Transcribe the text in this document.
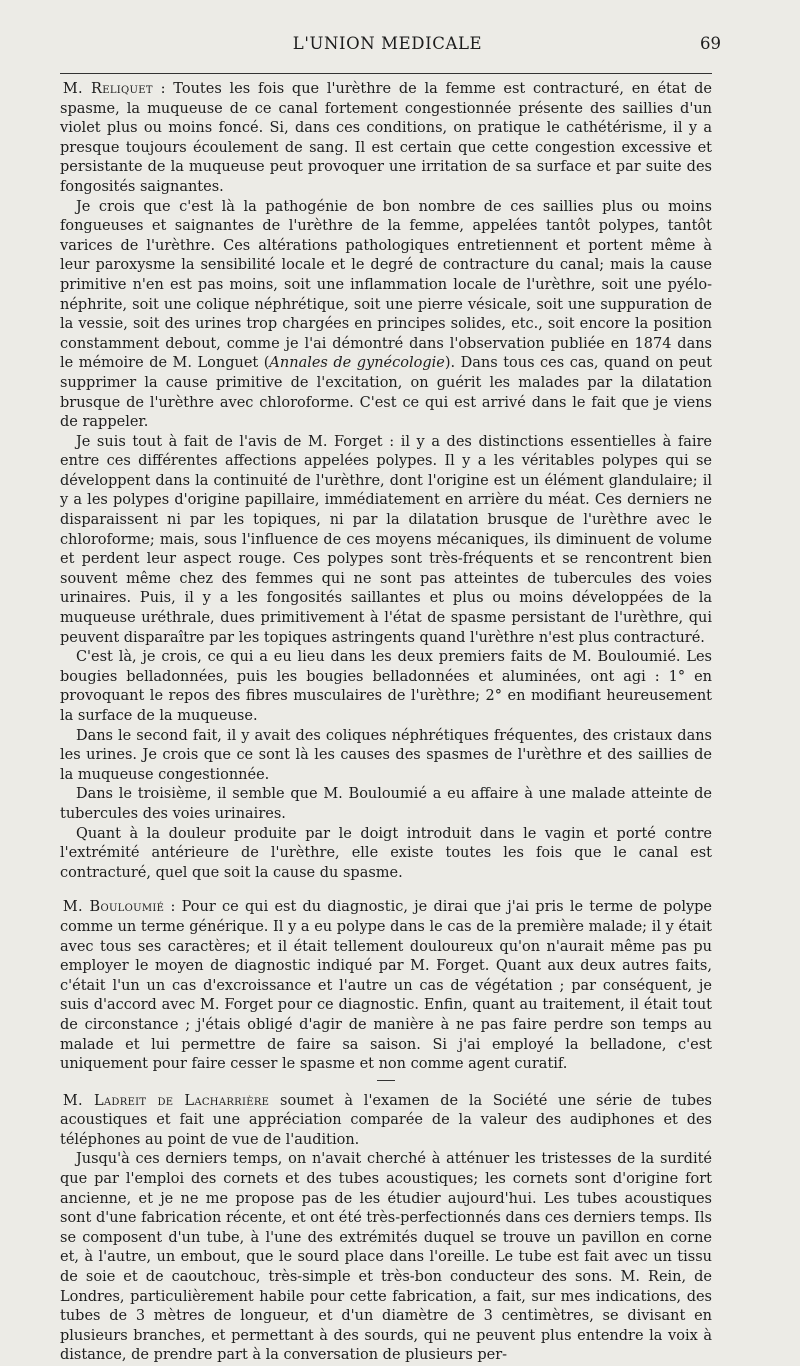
L'UNION MEDICALE	69

M. Reliquet : Toutes les fois que l'urèthre de la femme est contracturé, en état de spasme, la muqueuse de ce canal fortement congestionnée présente des saillies d'un violet plus ou moins foncé. Si, dans ces conditions, on pratique le cathétérisme, il y a presque toujours écoulement de sang. Il est certain que cette congestion excessive et persistante de la muqueuse peut provoquer une irritation de sa surface et par suite des fongosités saignantes.

Je crois que c'est là la pathogénie de bon nombre de ces saillies plus ou moins fongueuses et saignantes de l'urèthre de la femme, appelées tantôt polypes, tantôt varices de l'urèthre. Ces altérations pathologiques entretiennent et portent même à leur paroxysme la sensibilité locale et le degré de contracture du canal; mais la cause primitive n'en est pas moins, soit une inflammation locale de l'urèthre, soit une pyélo-néphrite, soit une colique néphrétique, soit une pierre vésicale, soit une suppuration de la vessie, soit des urines trop chargées en principes solides, etc., soit encore la position constamment debout, comme je l'ai démontré dans l'observation publiée en 1874 dans le mémoire de M. Longuet (Annales de gynécologie). Dans tous ces cas, quand on peut supprimer la cause primitive de l'excitation, on guérit les malades par la dilatation brusque de l'urèthre avec chloroforme. C'est ce qui est arrivé dans le fait que je viens de rappeler.

Je suis tout à fait de l'avis de M. Forget : il y a des distinctions essentielles à faire entre ces différentes affections appelées polypes. Il y a les véritables polypes qui se développent dans la continuité de l'urèthre, dont l'origine est un élément glandulaire; il y a les polypes d'origine papillaire, immédiatement en arrière du méat. Ces derniers ne disparaissent ni par les topiques, ni par la dilatation brusque de l'urèthre avec le chloroforme; mais, sous l'influence de ces moyens mécaniques, ils diminuent de volume et perdent leur aspect rouge. Ces polypes sont très-fréquents et se rencontrent bien souvent même chez des femmes qui ne sont pas atteintes de tubercules des voies urinaires. Puis, il y a les fongosités saillantes et plus ou moins développées de la muqueuse uréthrale, dues primitivement à l'état de spasme persistant de l'urèthre, qui peuvent disparaître par les topiques astringents quand l'urèthre n'est plus contracturé.

C'est là, je crois, ce qui a eu lieu dans les deux premiers faits de M. Bouloumié. Les bougies belladonnées, puis les bougies belladonnées et aluminées, ont agi : 1° en provoquant le repos des fibres musculaires de l'urèthre; 2° en modifiant heureusement la surface de la muqueuse.

Dans le second fait, il y avait des coliques néphrétiques fréquentes, des cristaux dans les urines. Je crois que ce sont là les causes des spasmes de l'urèthre et des saillies de la muqueuse congestionnée.

Dans le troisième, il semble que M. Bouloumié a eu affaire à une malade atteinte de tubercules des voies urinaires.

Quant à la douleur produite par le doigt introduit dans le vagin et porté contre l'extrémité antérieure de l'urèthre, elle existe toutes les fois que le canal est contracturé, quel que soit la cause du spasme.

M. Bouloumié : Pour ce qui est du diagnostic, je dirai que j'ai pris le terme de polype comme un terme générique. Il y a eu polype dans le cas de la première malade; il y était avec tous ses caractères; et il était tellement douloureux qu'on n'aurait même pas pu employer le moyen de diagnostic indiqué par M. Forget. Quant aux deux autres faits, c'était l'un un cas d'excroissance et l'autre un cas de végétation ; par conséquent, je suis d'accord avec M. Forget pour ce diagnostic. Enfin, quant au traitement, il était tout de circonstance ; j'étais obligé d'agir de manière à ne pas faire perdre son temps au malade et lui permettre de faire sa saison. Si j'ai employé la belladone, c'est uniquement pour faire cesser le spasme et non comme agent curatif.

M. Ladreit de Lacharrière soumet à l'examen de la Société une série de tubes acoustiques et fait une appréciation comparée de la valeur des audiphones et des téléphones au point de vue de l'audition.

Jusqu'à ces derniers temps, on n'avait cherché à atténuer les tristesses de la surdité que par l'emploi des cornets et des tubes acoustiques; les cornets sont d'origine fort ancienne, et je ne me propose pas de les étudier aujourd'hui. Les tubes acoustiques sont d'une fabrication récente, et ont été très-perfectionnés dans ces derniers temps. Ils se composent d'un tube, à l'une des extrémités duquel se trouve un pavillon en corne et, à l'autre, un embout, que le sourd place dans l'oreille. Le tube est fait avec un tissu de soie et de caoutchouc, très-simple et très-bon conducteur des sons. M. Rein, de Londres, particulièrement habile pour cette fabrication, a fait, sur mes indications, des tubes de 3 mètres de longueur, et d'un diamètre de 3 centimètres, se divisant en plusieurs branches, et permettant à des sourds, qui ne peuvent plus entendre la voix à distance, de prendre part à la conversation de plusieurs per-
